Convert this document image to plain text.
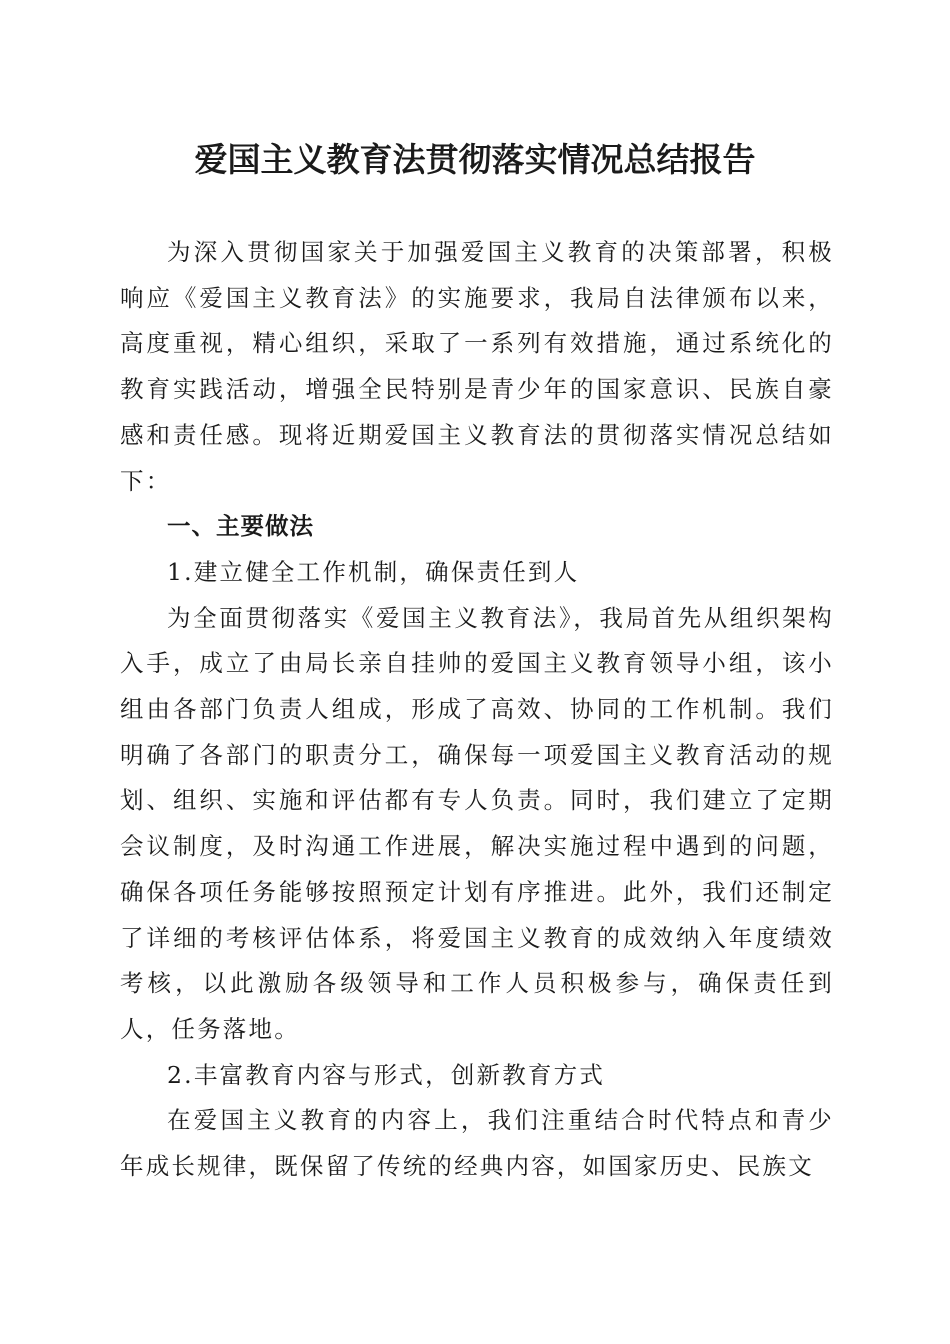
爱国主义教育法贯彻落实情况总结报告

为深入贯彻国家关于加强爱国主义教育的决策部署，积极响应《爱国主义教育法》的实施要求，我局自法律颁布以来，高度重视，精心组织，采取了一系列有效措施，通过系统化的教育实践活动，增强全民特别是青少年的国家意识、民族自豪感和责任感。现将近期爱国主义教育法的贯彻落实情况总结如下：

一、主要做法

1.建立健全工作机制，确保责任到人

为全面贯彻落实《爱国主义教育法》，我局首先从组织架构入手，成立了由局长亲自挂帅的爱国主义教育领导小组，该小组由各部门负责人组成，形成了高效、协同的工作机制。我们明确了各部门的职责分工，确保每一项爱国主义教育活动的规划、组织、实施和评估都有专人负责。同时，我们建立了定期会议制度，及时沟通工作进展，解决实施过程中遇到的问题，确保各项任务能够按照预定计划有序推进。此外，我们还制定了详细的考核评估体系，将爱国主义教育的成效纳入年度绩效考核，以此激励各级领导和工作人员积极参与，确保责任到人，任务落地。

2.丰富教育内容与形式，创新教育方式

在爱国主义教育的内容上，我们注重结合时代特点和青少年成长规律，既保留了传统的经典内容，如国家历史、民族文
